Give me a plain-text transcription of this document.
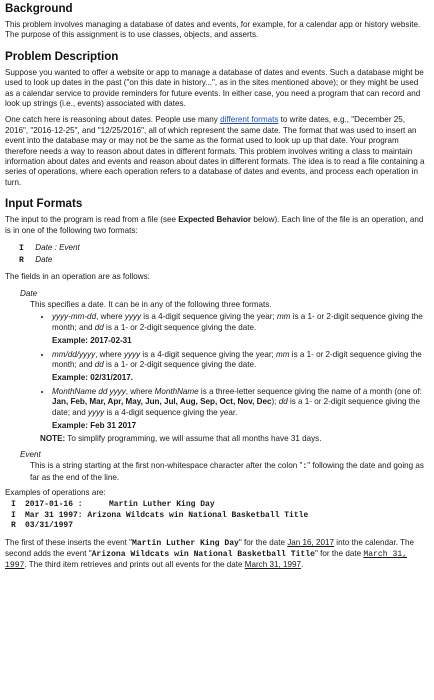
Background

This problem involves managing a database of dates and events, for example, for a calendar app or history website. The purpose of this assignment is to use classes, objects, and asserts.

Problem Description

Suppose you wanted to offer a website or app to manage a database of dates and events. Such a database might be used to look up dates in the past ("on this date in history...", as in the sites mentioned above); or they might be used as a calendar service to provide reminders for future events. In either case, you need a program that can record and look up strings (i.e., events) associated with dates.

One catch here is reasoning about dates. People use many different formats to write dates, e.g., "December 25, 2016", "2016-12-25", and "12/25/2016", all of which represent the same date. The format that was used to insert an event into the database may or may not be the same as the format used to look up up that date. Your program therefore needs a way to reason about dates in different formats. This problem involves writing a class to maintain information about dates and events and reason about dates in different formats. The idea is to read a file containing a series of operations, where each operation refers to a database of dates and events, and process each operation in turn.

Input Formats

The input to the program is read from a file (see Expected Behavior below). Each line of the file is an operation, and is in one of the following two formats:

I Date : Event
R Date

The fields in an operation are as follows:

Date
This specifies a date. It can be in any of the following three formats.

• yyyy-mm-dd, where yyyy is a 4-digit sequence giving the year; mm is a 1- or 2-digit sequence giving the month; and dd is a 1- or 2-digit sequence giving the date.

Example: 2017-02-31

• mm/dd/yyyy, where yyyy is a 4-digit sequence giving the year; mm is a 1- or 2-digit sequence giving the month; and dd is a 1- or 2-digit sequence giving the date.

Example: 02/31/2017.

• MonthName dd yyyy, where MonthName is a three-letter sequence giving the name of a month (one of: Jan, Feb, Mar, Apr, May, Jun, Jul, Aug, Sep, Oct, Nov, Dec); dd is a 1- or 2-digit sequence giving the date; and yyyy is a 4-digit sequence giving the year.

Example: Feb 31 2017

NOTE: To simplify programming, we will assume that all months have 31 days.
Event
This is a string starting at the first non-whitespace character after the colon ":" following the date and going as far as the end of the line.

Examples of operations are:

I 2017-01-16 :	Martin Luther King Day
I Mar 31 1997: Arizona Wildcats win National Basketball Title
R 03/31/1997

The first of these inserts the event "Martin Luther King Day" for the date Jan 16, 2017 into the calendar. The second adds the event "Arizona Wildcats win National Basketball Title" for the date March 31, 1997. The third item retrieves and prints out all events for the date March 31, 1997.
